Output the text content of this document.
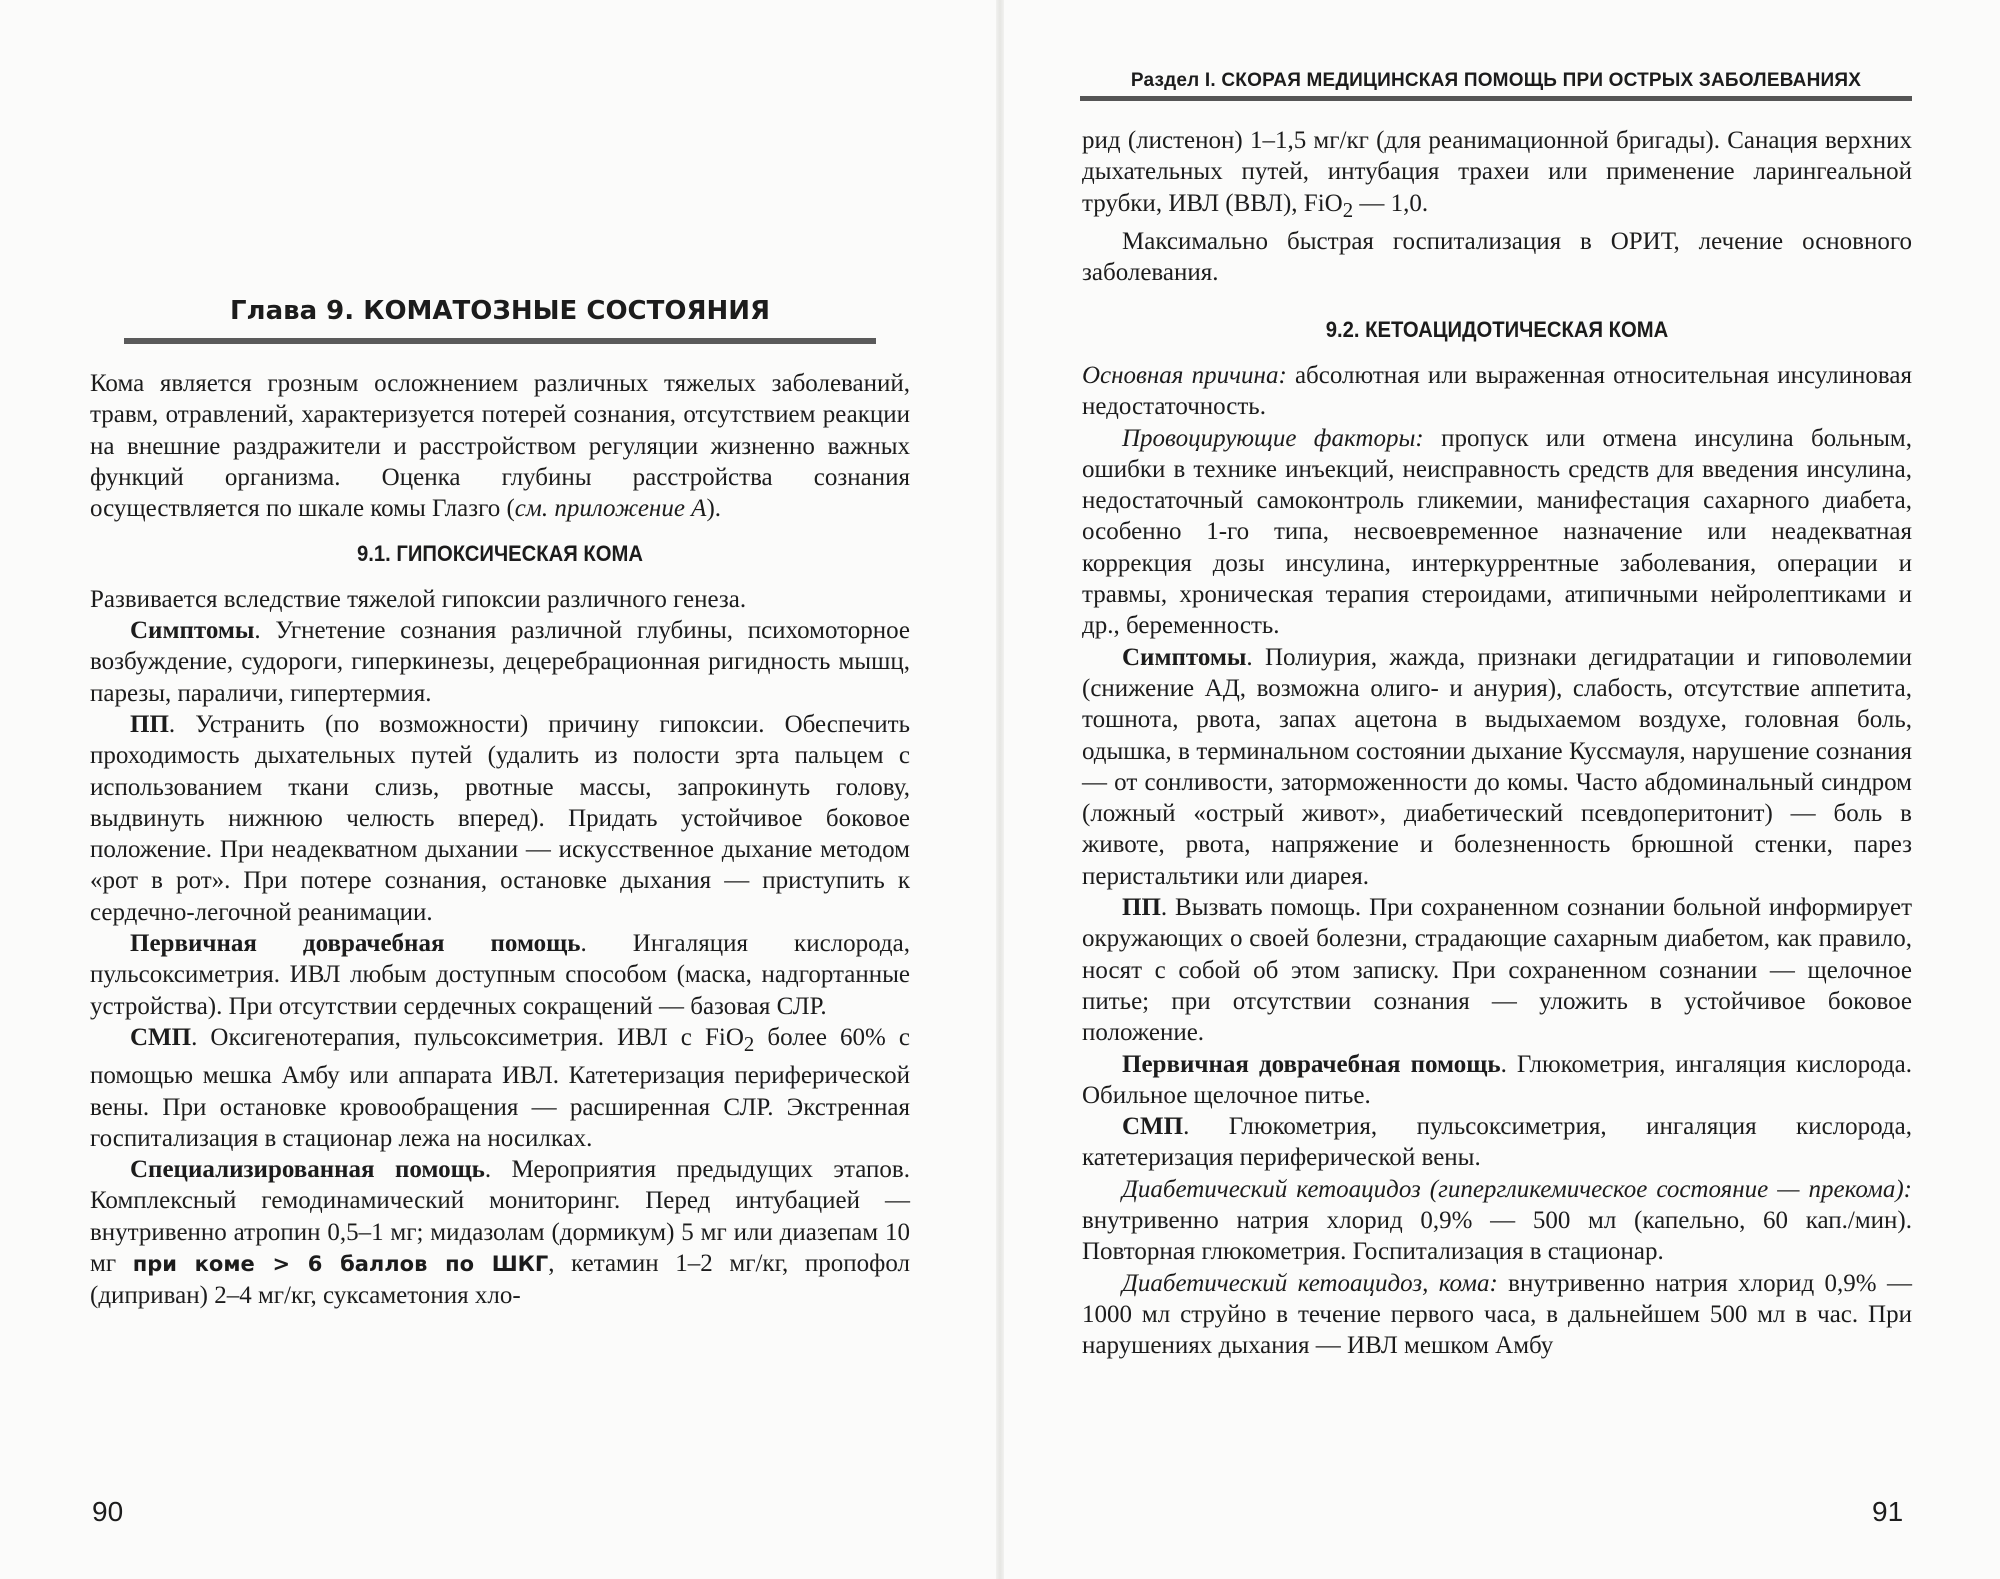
Глава 9. КОМАТОЗНЫЕ СОСТОЯНИЯ

Кома является грозным осложнением различных тяжелых заболеваний, травм, отравлений, характеризуется потерей сознания, отсутствием реакции на внешние раздражители и расстройством регуляции жизненно важных функций организма. Оценка глубины расстройства сознания осуществляется по шкале комы Глазго (см. приложение А).

9.1. ГИПОКСИЧЕСКАЯ КОМА

Развивается вследствие тяжелой гипоксии различного генеза.

Симптомы. Угнетение сознания различной глубины, психомоторное возбуждение, судороги, гиперкинезы, децеребрационная ригидность мышц, парезы, параличи, гипертермия.

ПП. Устранить (по возможности) причину гипоксии. Обеспечить проходимость дыхательных путей (удалить из полости зрта пальцем с использованием ткани слизь, рвотные массы, запрокинуть голову, выдвинуть нижнюю челюсть вперед). Придать устойчивое боковое положение. При неадекватном дыхании — искусственное дыхание методом «рот в рот». При потере сознания, остановке дыхания — приступить к сердечно-легочной реанимации.

Первичная доврачебная помощь. Ингаляция кислорода, пульсоксиметрия. ИВЛ любым доступным способом (маска, надгортанные устройства). При отсутствии сердечных сокращений — базовая СЛР.

СМП. Оксигенотерапия, пульсоксиметрия. ИВЛ с FiO$_2$ более 60% с помощью мешка Амбу или аппарата ИВЛ. Катетеризация периферической вены. При остановке кровообращения — расширенная СЛР. Экстренная госпитализация в стационар лежа на носилках.

Специализированная помощь. Мероприятия предыдущих этапов. Комплексный гемодинамический мониторинг. Перед интубацией — внутривенно атропин 0,5–1 мг; мидазолам (дормикум) 5 мг или диазепам 10 мг при коме > 6 баллов по ШКГ, кетамин 1–2 мг/кг, пропофол (диприван) 2–4 мг/кг, суксаметония хло-

90
Раздел I. СКОРАЯ МЕДИЦИНСКАЯ ПОМОЩЬ ПРИ ОСТРЫХ ЗАБОЛЕВАНИЯХ

рид (листенон) 1–1,5 мг/кг (для реанимационной бригады). Санация верхних дыхательных путей, интубация трахеи или применение ларингеальной трубки, ИВЛ (ВВЛ), FiO$_2$ — 1,0.

Максимально быстрая госпитализация в ОРИТ, лечение основного заболевания.

9.2. КЕТОАЦИДОТИЧЕСКАЯ КОМА

Основная причина: абсолютная или выраженная относительная инсулиновая недостаточность.

Провоцирующие факторы: пропуск или отмена инсулина больным, ошибки в технике инъекций, неисправность средств для введения инсулина, недостаточный самоконтроль гликемии, манифестация сахарного диабета, особенно 1-го типа, несвоевременное назначение или неадекватная коррекция дозы инсулина, интеркуррентные заболевания, операции и травмы, хроническая терапия стероидами, атипичными нейролептиками и др., беременность.

Симптомы. Полиурия, жажда, признаки дегидратации и гиповолемии (снижение АД, возможна олиго- и анурия), слабость, отсутствие аппетита, тошнота, рвота, запах ацетона в выдыхаемом воздухе, головная боль, одышка, в терминальном состоянии дыхание Куссмауля, нарушение сознания — от сонливости, заторможенности до комы. Часто абдоминальный синдром (ложный «острый живот», диабетический псевдоперитонит) — боль в животе, рвота, напряжение и болезненность брюшной стенки, парез перистальтики или диарея.

ПП. Вызвать помощь. При сохраненном сознании больной информирует окружающих о своей болезни, страдающие сахарным диабетом, как правило, носят с собой об этом записку. При сохраненном сознании — щелочное питье; при отсутствии сознания — уложить в устойчивое боковое положение.

Первичная доврачебная помощь. Глюкометрия, ингаляция кислорода. Обильное щелочное питье.

СМП. Глюкометрия, пульсоксиметрия, ингаляция кислорода, катетеризация периферической вены.

Диабетический кетоацидоз (гипергликемическое состояние — прекома): внутривенно натрия хлорид 0,9% — 500 мл (капельно, 60 кап./мин). Повторная глюкометрия. Госпитализация в стационар.

Диабетический кетоацидоз, кома: внутривенно натрия хлорид 0,9% — 1000 мл струйно в течение первого часа, в дальнейшем 500 мл в час. При нарушениях дыхания — ИВЛ мешком Амбу

91
